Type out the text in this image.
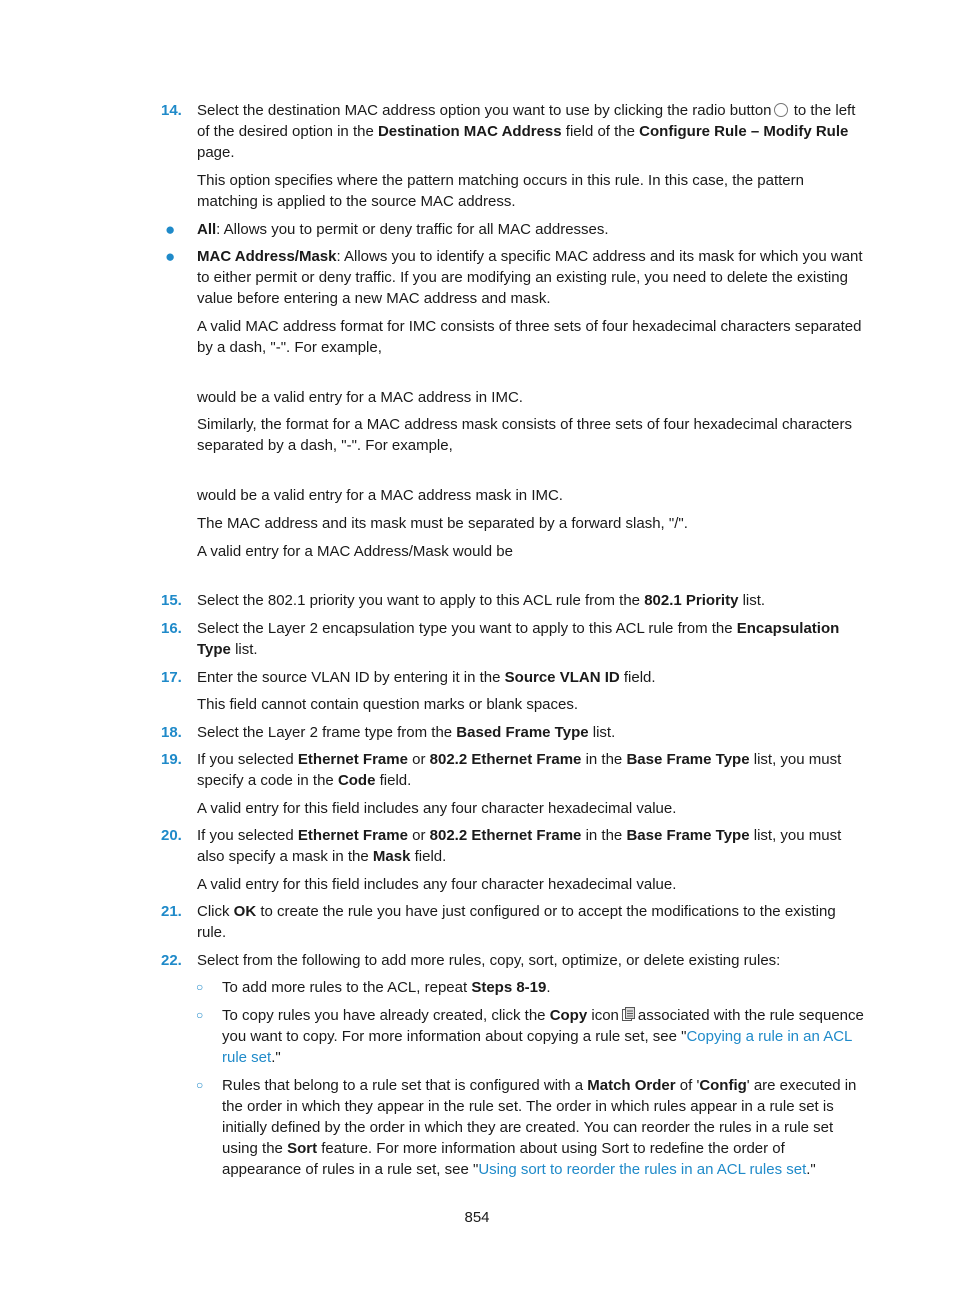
14. Select the destination MAC address option you want to use by clicking the radio button to the left of the desired option in the Destination MAC Address field of the Configure Rule – Modify Rule page.
This option specifies where the pattern matching occurs in this rule. In this case, the pattern matching is applied to the source MAC address.
● All: Allows you to permit or deny traffic for all MAC addresses.
● MAC Address/Mask: Allows you to identify a specific MAC address and its mask for which you want to either permit or deny traffic. If you are modifying an existing rule, you need to delete the existing value before entering a new MAC address and mask.
A valid MAC address format for IMC consists of three sets of four hexadecimal characters separated by a dash, "-". For example,
would be a valid entry for a MAC address in IMC.
Similarly, the format for a MAC address mask consists of three sets of four hexadecimal characters separated by a dash, "-". For example,
would be a valid entry for a MAC address mask in IMC.
The MAC address and its mask must be separated by a forward slash, "/".
A valid entry for a MAC Address/Mask would be
15. Select the 802.1 priority you want to apply to this ACL rule from the 802.1 Priority list.
16. Select the Layer 2 encapsulation type you want to apply to this ACL rule from the Encapsulation Type list.
17. Enter the source VLAN ID by entering it in the Source VLAN ID field.
This field cannot contain question marks or blank spaces.
18. Select the Layer 2 frame type from the Based Frame Type list.
19. If you selected Ethernet Frame or 802.2 Ethernet Frame in the Base Frame Type list, you must specify a code in the Code field.
A valid entry for this field includes any four character hexadecimal value.
20. If you selected Ethernet Frame or 802.2 Ethernet Frame in the Base Frame Type list, you must also specify a mask in the Mask field.
A valid entry for this field includes any four character hexadecimal value.
21. Click OK to create the rule you have just configured or to accept the modifications to the existing rule.
22. Select from the following to add more rules, copy, sort, optimize, or delete existing rules:
○ To add more rules to the ACL, repeat Steps 8-19.
○ To copy rules you have already created, click the Copy icon associated with the rule sequence you want to copy. For more information about copying a rule set, see "Copying a rule in an ACL rule set."
○ Rules that belong to a rule set that is configured with a Match Order of 'Config' are executed in the order in which they appear in the rule set. The order in which rules appear in a rule set is initially defined by the order in which they are created. You can reorder the rules in a rule set using the Sort feature. For more information about using Sort to redefine the order of appearance of rules in a rule set, see "Using sort to reorder the rules in an ACL rules set."
854
